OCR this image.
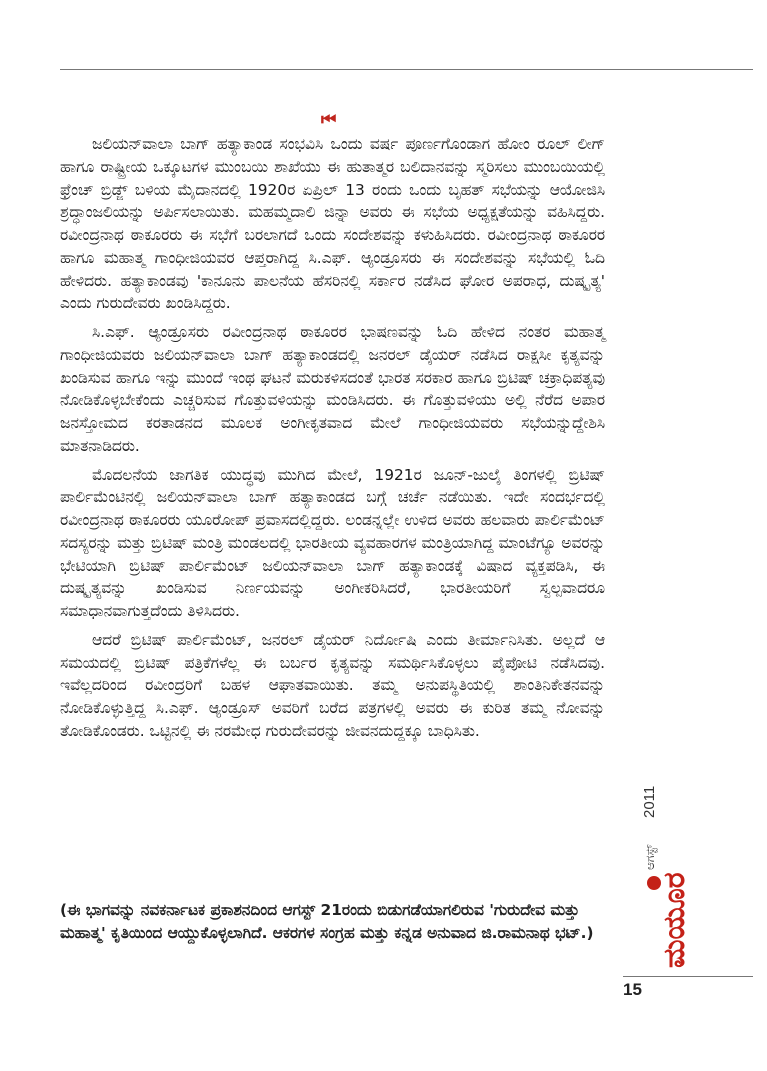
⏮

ಜಲಿಯನ್‌ವಾಲಾ ಬಾಗ್ ಹತ್ಯಾಕಾಂಡ ಸಂಭವಿಸಿ ಒಂದು ವರ್ಷ ಪೂರ್ಣಗೊಂಡಾಗ ಹೋಂ ರೂಲ್ ಲೀಗ್ ಹಾಗೂ ರಾಷ್ಟ್ರೀಯ ಒಕ್ಕೂಟಗಳ ಮುಂಬಯಿ ಶಾಖೆಯು ಈ ಹುತಾತ್ಮರ ಬಲಿದಾನವನ್ನು ಸ್ಮರಿಸಲು ಮುಂಬಯಿಯಲ್ಲಿ ಫ್ರೆಂಚ್ ಬ್ರಿಡ್ಜ್ ಬಳಿಯ ಮೈದಾನದಲ್ಲಿ 1920ರ ಏಪ್ರಿಲ್ 13 ರಂದು ಒಂದು ಬೃಹತ್ ಸಭೆಯನ್ನು ಆಯೋಜಿಸಿ ಶ್ರದ್ಧಾಂಜಲಿಯನ್ನು ಅರ್ಪಿಸಲಾಯಿತು. ಮಹಮ್ಮದಾಲಿ ಜಿನ್ನಾ ಅವರು ಈ ಸಭೆಯ ಅಧ್ಯಕ್ಷತೆಯನ್ನು ವಹಿಸಿದ್ದರು. ರವೀಂದ್ರನಾಥ ಠಾಕೂರರು ಈ ಸಭೆಗೆ ಬರಲಾಗದೆ ಒಂದು ಸಂದೇಶವನ್ನು ಕಳುಹಿಸಿದರು. ರವೀಂದ್ರನಾಥ ಠಾಕೂರರ ಹಾಗೂ ಮಹಾತ್ಮ ಗಾಂಧೀಜಿಯವರ ಆಪ್ತರಾಗಿದ್ದ ಸಿ.ಎಫ್. ಆ್ಯಂಡ್ರೂಸರು ಈ ಸಂದೇಶವನ್ನು ಸಭೆಯಲ್ಲಿ ಓದಿ ಹೇಳಿದರು. ಹತ್ಯಾಕಾಂಡವು 'ಕಾನೂನು ಪಾಲನೆಯ ಹೆಸರಿನಲ್ಲಿ ಸರ್ಕಾರ ನಡೆಸಿದ ಘೋರ ಅಪರಾಧ, ದುಷ್ಕೃತ್ಯ' ಎಂದು ಗುರುದೇವರು ಖಂಡಿಸಿದ್ದರು.

ಸಿ.ಎಫ್. ಆ್ಯಂಡ್ರೂಸರು ರವೀಂದ್ರನಾಥ ಠಾಕೂರರ ಭಾಷಣವನ್ನು ಓದಿ ಹೇಳಿದ ನಂತರ ಮಹಾತ್ಮ ಗಾಂಧೀಜಿಯವರು ಜಲಿಯನ್‌ವಾಲಾ ಬಾಗ್ ಹತ್ಯಾಕಾಂಡದಲ್ಲಿ ಜನರಲ್ ಡೈಯರ್ ನಡೆಸಿದ ರಾಕ್ಷಸೀ ಕೃತ್ಯವನ್ನು ಖಂಡಿಸುವ ಹಾಗೂ ಇನ್ನು ಮುಂದೆ ಇಂಥ ಘಟನೆ ಮರುಕಳಿಸದಂತೆ ಭಾರತ ಸರಕಾರ ಹಾಗೂ ಬ್ರಿಟಿಷ್ ಚಕ್ರಾಧಿಪತ್ಯವು ನೋಡಿಕೊಳ್ಳಬೇಕೆಂದು ಎಚ್ಚರಿಸುವ ಗೊತ್ತುವಳಿಯನ್ನು ಮಂಡಿಸಿದರು. ಈ ಗೊತ್ತುವಳಿಯು ಅಲ್ಲಿ ನೆರೆದ ಅಪಾರ ಜನಸ್ತೋಮದ ಕರತಾಡನದ ಮೂಲಕ ಅಂಗೀಕೃತವಾದ ಮೇಲೆ ಗಾಂಧೀಜಿಯವರು ಸಭೆಯನ್ನುದ್ದೇಶಿಸಿ ಮಾತನಾಡಿದರು.

ಮೊದಲನೆಯ ಜಾಗತಿಕ ಯುದ್ಧವು ಮುಗಿದ ಮೇಲೆ, 1921ರ ಜೂನ್-ಜುಲೈ ತಿಂಗಳಲ್ಲಿ ಬ್ರಿಟಿಷ್ ಪಾರ್ಲಿಮೆಂಟಿನಲ್ಲಿ ಜಲಿಯನ್‌ವಾಲಾ ಬಾಗ್ ಹತ್ಯಾಕಾಂಡದ ಬಗ್ಗೆ ಚರ್ಚೆ ನಡೆಯಿತು. ಇದೇ ಸಂದರ್ಭದಲ್ಲಿ ರವೀಂದ್ರನಾಥ ಠಾಕೂರರು ಯೂರೋಪ್ ಪ್ರವಾಸದಲ್ಲಿದ್ದರು. ಲಂಡನ್ನಲ್ಲೇ ಉಳಿದ ಅವರು ಹಲವಾರು ಪಾರ್ಲಿಮೆಂಟ್ ಸದಸ್ಯರನ್ನು ಮತ್ತು ಬ್ರಿಟಿಷ್ ಮಂತ್ರಿ ಮಂಡಲದಲ್ಲಿ ಭಾರತೀಯ ವ್ಯವಹಾರಗಳ ಮಂತ್ರಿಯಾಗಿದ್ದ ಮಾಂಟೆಗ್ಯೂ ಅವರನ್ನು ಭೇಟಿಯಾಗಿ ಬ್ರಿಟಿಷ್ ಪಾರ್ಲಿಮೆಂಟ್ ಜಲಿಯನ್‌ವಾಲಾ ಬಾಗ್ ಹತ್ಯಾಕಾಂಡಕ್ಕೆ ವಿಷಾದ ವ್ಯಕ್ತಪಡಿಸಿ, ಈ ದುಷ್ಕೃತ್ಯವನ್ನು ಖಂಡಿಸುವ ನಿರ್ಣಯವನ್ನು ಅಂಗೀಕರಿಸಿದರೆ, ಭಾರತೀಯರಿಗೆ ಸ್ವಲ್ಪವಾದರೂ ಸಮಾಧಾನವಾಗುತ್ತದೆಂದು ತಿಳಿಸಿದರು.

ಆದರೆ ಬ್ರಿಟಿಷ್ ಪಾರ್ಲಿಮೆಂಟ್, ಜನರಲ್ ಡೈಯರ್ ನಿರ್ದೋಷಿ ಎಂದು ತೀರ್ಮಾನಿಸಿತು. ಅಲ್ಲದೆ ಆ ಸಮಯದಲ್ಲಿ ಬ್ರಿಟಿಷ್ ಪತ್ರಿಕೆಗಳೆಲ್ಲ ಈ ಬರ್ಬರ ಕೃತ್ಯವನ್ನು ಸಮರ್ಥಿಸಿಕೊಳ್ಳಲು ಪೈಪೋಟಿ ನಡೆಸಿದವು. ಇವೆಲ್ಲದರಿಂದ ರವೀಂದ್ರರಿಗೆ ಬಹಳ ಆಘಾತವಾಯಿತು. ತಮ್ಮ ಅನುಪಸ್ಥಿತಿಯಲ್ಲಿ ಶಾಂತಿನಿಕೇತನವನ್ನು ನೋಡಿಕೊಳ್ಳುತ್ತಿದ್ದ ಸಿ.ಎಫ್. ಆ್ಯಂಡ್ರೂಸ್ ಅವರಿಗೆ ಬರೆದ ಪತ್ರಗಳಲ್ಲಿ ಅವರು ಈ ಕುರಿತ ತಮ್ಮ ನೋವನ್ನು ತೋಡಿಕೊಂಡರು. ಒಟ್ಟಿನಲ್ಲಿ ಈ ನರಮೇಧ ಗುರುದೇವರನ್ನು ಜೀವನದುದ್ದಕ್ಕೂ ಬಾಧಿಸಿತು.

(ಈ ಭಾಗವನ್ನು ನವಕರ್ನಾಟಕ ಪ್ರಕಾಶನದಿಂದ ಆಗಸ್ಟ್ 21ರಂದು ಬಿಡುಗಡೆಯಾಗಲಿರುವ 'ಗುರುದೇವ ಮತ್ತು ಮಹಾತ್ಮ' ಕೃತಿಯಿಂದ ಆಯ್ದುಕೊಳ್ಳಲಾಗಿದೆ. ಆಕರಗಳ ಸಂಗ್ರಹ ಮತ್ತು ಕನ್ನಡ ಅನುವಾದ ಜಿ.ರಾಮನಾಥ ಭಟ್.)	ಮಯೂರ
ಆಗಸ್ಟ್
2011
15
